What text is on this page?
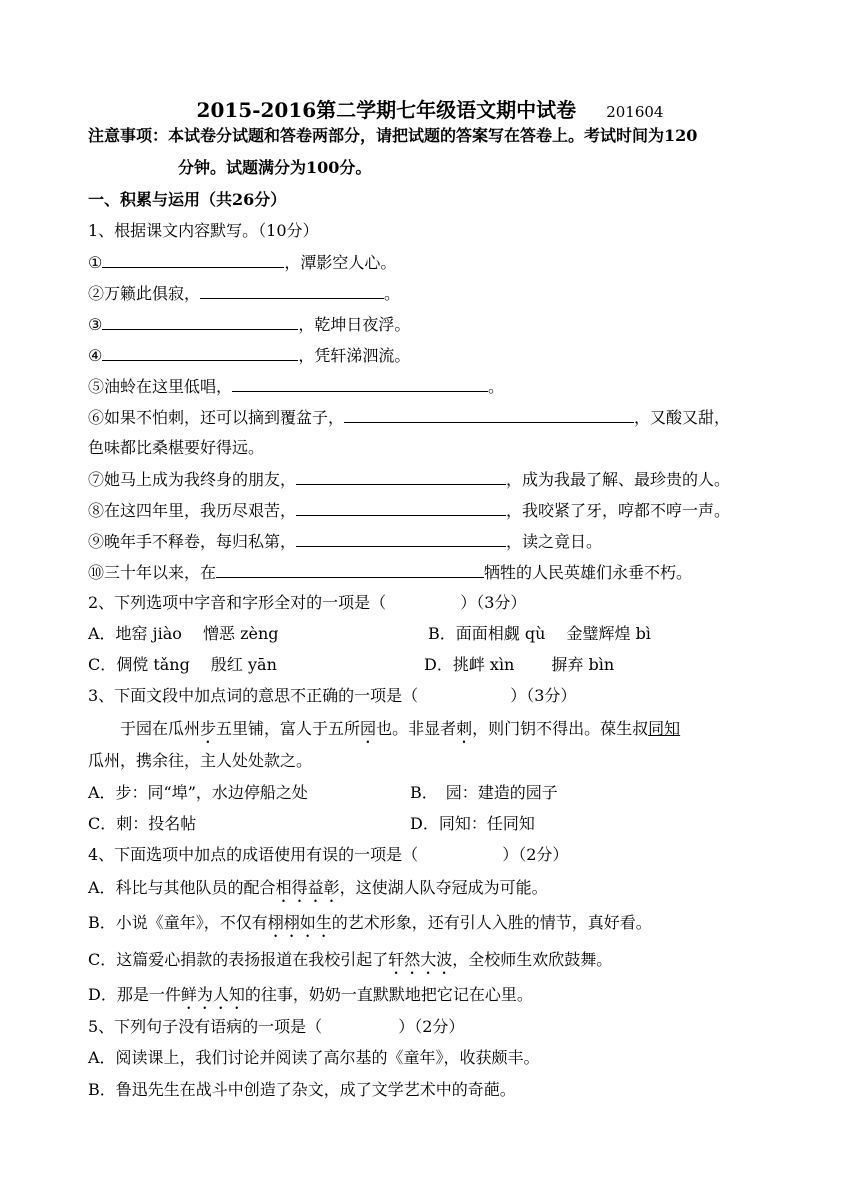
2015-2016第二学期七年级语文期中试卷 201604
注意事项：本试卷分试题和答卷两部分，请把试题的答案写在答卷上。考试时间为120
分钟。试题满分为100分。
一、积累与运用（共26分）
1、根据课文内容默写。（10分）
①	，潭影空人心。
②万籁此俱寂，	。
③	，乾坤日夜浮。
④	，凭轩涕泗流。
⑤油蛉在这里低唱，	。
⑥如果不怕刺，还可以摘到覆盆子，	，又酸又甜，
色味都比桑椹要好得远。
⑦她马上成为我终身的朋友，	，成为我最了解、最珍贵的人。
⑧在这四年里，我历尽艰苦，	，我咬紧了牙，哼都不哼一声。
⑨晚年手不释卷，每归私第，	，读之竟日。
⑩三十年以来，在	牺牲的人民英雄们永垂不朽。
2、下列选项中字音和字形全对的一项是（	）（3分）
A．地窑 jiào　 憎恶 zèng	B．面面相觑 qù　 金璧辉煌 bì
C．倜傥 tǎng　 殷红 yān	D．挑衅 xìn　　 摒弃 bìn
3、下面文段中加点词的意思不正确的一项是（	）（3分）
于园在瓜州步五里铺，富人于五所园也。非显者刺，则门钥不得出。葆生叔同知
瓜州，携余往，主人处处款之。
A．步：同“埠”，水边停船之处	B．　园：建造的园子
C．刺：投名帖	D．同知：任同知
4、下面选项中加点的成语使用有误的一项是（	）（2分）
A．科比与其他队员的配合相得益彰，这使湖人队夺冠成为可能。
B．小说《童年》，不仅有栩栩如生的艺术形象，还有引人入胜的情节，真好看。
C．这篇爱心捐款的表扬报道在我校引起了轩然大波，全校师生欢欣鼓舞。
D．那是一件鲜为人知的往事，奶奶一直默默地把它记在心里。
5、下列句子没有语病的一项是（	）（2分）
A．阅读课上，我们讨论并阅读了高尔基的《童年》，收获颇丰。
B．鲁迅先生在战斗中创造了杂文，成了文学艺术中的奇葩。
